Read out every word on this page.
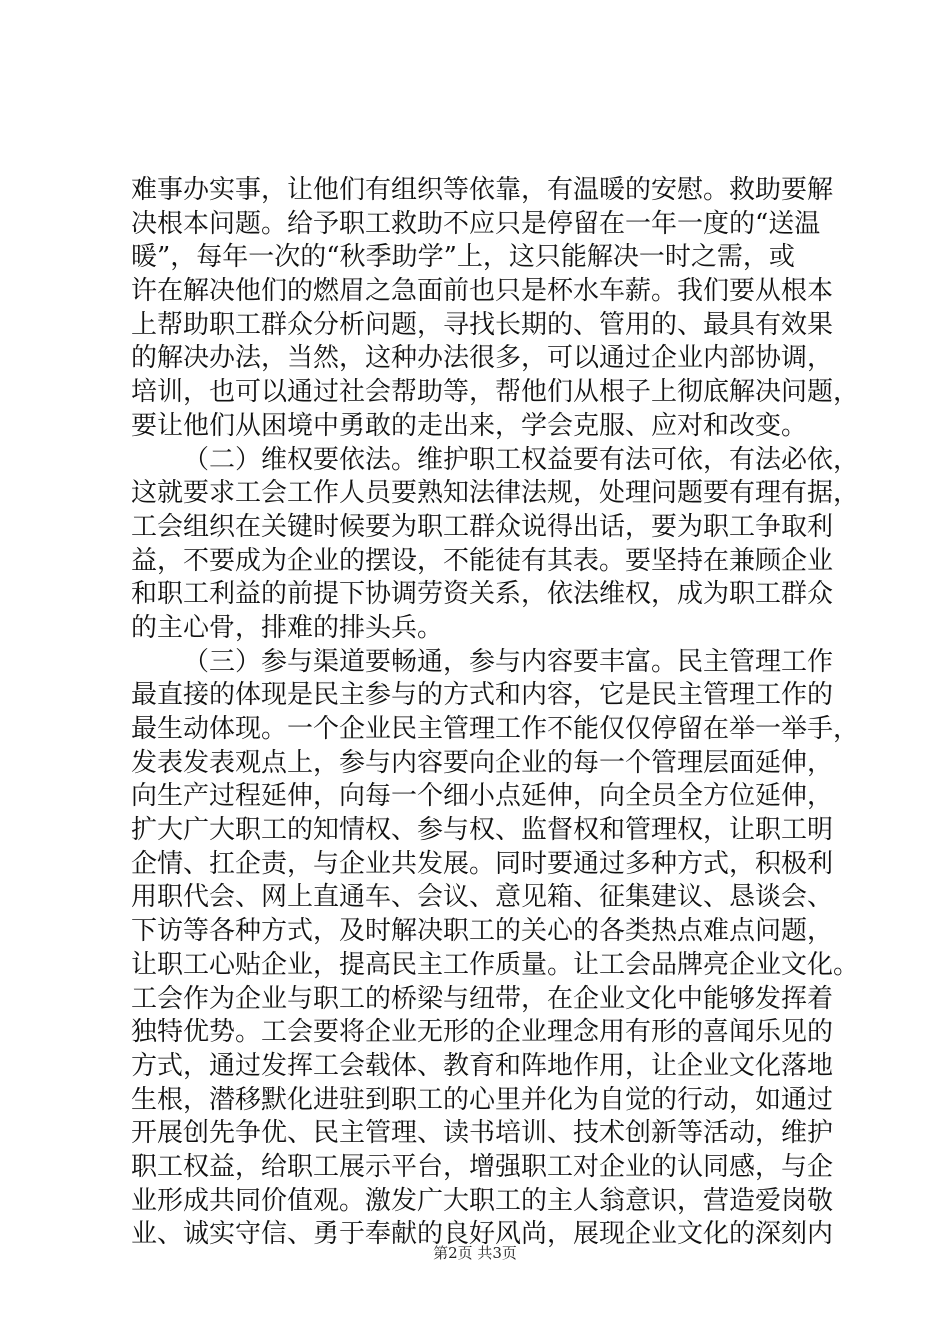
难事办实事，让他们有组织等依靠，有温暖的安慰。救助要解
决根本问题。给予职工救助不应只是停留在一年一度的“送温
暖”，每年一次的“秋季助学”上，这只能解决一时之需，或
许在解决他们的燃眉之急面前也只是杯水车薪。我们要从根本
上帮助职工群众分析问题，寻找长期的、管用的、最具有效果
的解决办法，当然，这种办法很多，可以通过企业内部协调，
培训，也可以通过社会帮助等，帮他们从根子上彻底解决问题，
要让他们从困境中勇敢的走出来，学会克服、应对和改变。
（二）维权要依法。维护职工权益要有法可依，有法必依，
这就要求工会工作人员要熟知法律法规，处理问题要有理有据，
工会组织在关键时候要为职工群众说得出话，要为职工争取利
益，不要成为企业的摆设，不能徒有其表。要坚持在兼顾企业
和职工利益的前提下协调劳资关系，依法维权，成为职工群众
的主心骨，排难的排头兵。
（三）参与渠道要畅通，参与内容要丰富。民主管理工作
最直接的体现是民主参与的方式和内容，它是民主管理工作的
最生动体现。一个企业民主管理工作不能仅仅停留在举一举手，
发表发表观点上，参与内容要向企业的每一个管理层面延伸，
向生产过程延伸，向每一个细小点延伸，向全员全方位延伸，
扩大广大职工的知情权、参与权、监督权和管理权，让职工明
企情、扛企责，与企业共发展。同时要通过多种方式，积极利
用职代会、网上直通车、会议、意见箱、征集建议、恳谈会、
下访等各种方式，及时解决职工的关心的各类热点难点问题，
让职工心贴企业，提高民主工作质量。让工会品牌亮企业文化。
工会作为企业与职工的桥梁与纽带，在企业文化中能够发挥着
独特优势。工会要将企业无形的企业理念用有形的喜闻乐见的
方式，通过发挥工会载体、教育和阵地作用，让企业文化落地
生根，潜移默化进驻到职工的心里并化为自觉的行动，如通过
开展创先争优、民主管理、读书培训、技术创新等活动，维护
职工权益，给职工展示平台，增强职工对企业的认同感，与企
业形成共同价值观。激发广大职工的主人翁意识，营造爱岗敬
业、诚实守信、勇于奉献的良好风尚，展现企业文化的深刻内
第2页 共3页
